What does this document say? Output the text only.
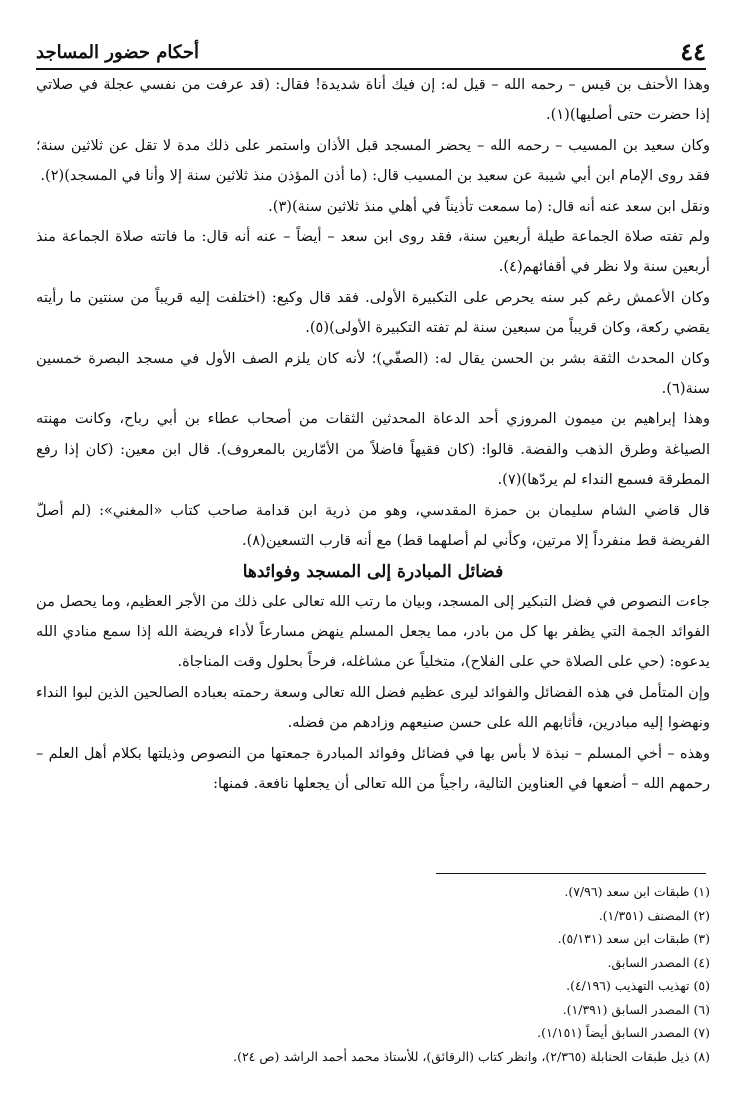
٤٤
أحكام حضور المساجد

وهذا الأحنف بن قيس – رحمه الله – قيل له: إن فيك أناة شديدة! فقال: (قد عرفت من نفسي عجلة في صلاتي إذا حضرت حتى أصليها)(١).

وكان سعيد بن المسيب – رحمه الله – يحضر المسجد قبل الأذان واستمر على ذلك مدة لا تقل عن ثلاثين سنة؛ فقد روى الإمام ابن أبي شيبة عن سعيد بن المسيب قال: (ما أذن المؤذن منذ ثلاثين سنة إلا وأنا في المسجد)(٢).

ونقل ابن سعد عنه أنه قال: (ما سمعت تأذيناً في أهلي منذ ثلاثين سنة)(٣).

ولم تفته صلاة الجماعة طيلة أربعين سنة، فقد روى ابن سعد – أيضاً – عنه أنه قال: ما فاتته صلاة الجماعة منذ أربعين سنة ولا نظر في أقفائهم(٤).

وكان الأعمش رغم كبر سنه يحرص على التكبيرة الأولى. فقد قال وكيع: (اختلفت إليه قريباً من سنتين ما رأيته يقضي ركعة، وكان قريباً من سبعين سنة لم تفته التكبيرة الأولى)(٥).

وكان المحدث الثقة بشر بن الحسن يقال له: (الصفّي)؛ لأنه كان يلزم الصف الأول في مسجد البصرة خمسين سنة(٦).

وهذا إبراهيم بن ميمون المروزي أحد الدعاة المحدثين الثقات من أصحاب عطاء بن أبي رباح، وكانت مهنته الصياغة وطرق الذهب والفضة. قالوا: (كان فقيهاً فاضلاً من الأمّارين بالمعروف). قال ابن معين: (كان إذا رفع المطرقة فسمع النداء لم يردّها)(٧).

قال قاضي الشام سليمان بن حمزة المقدسي، وهو من ذرية ابن قدامة صاحب كتاب «المغني»: (لم أصلّ الفريضة قط منفرداً إلا مرتين، وكأني لم أصلهما قط) مع أنه قارب التسعين(٨).

فضائل المبادرة إلى المسجد وفوائدها

جاءت النصوص في فضل التبكير إلى المسجد، وبيان ما رتب الله تعالى على ذلك من الأجر العظيم، وما يحصل من الفوائد الجمة التي يظفر بها كل من بادر، مما يجعل المسلم ينهض مسارعاً لأداء فريضة الله إذا سمع منادي الله يدعوه: (حي على الصلاة حي على الفلاح)، متخلياً عن مشاغله، فرحاً بحلول وقت المناجاة.

وإن المتأمل في هذه الفضائل والفوائد ليرى عظيم فضل الله تعالى وسعة رحمته بعباده الصالحين الذين لبوا النداء ونهضوا إليه مبادرين، فأثابهم الله على حسن صنيعهم وزادهم من فضله.

وهذه – أخي المسلم – نبذة لا بأس بها في فضائل وفوائد المبادرة جمعتها من النصوص وذيلتها بكلام أهل العلم – رحمهم الله – أضعها في العناوين التالية، راجياً من الله تعالى أن يجعلها نافعة. فمنها:

(١) طبقات ابن سعد (٧/٩٦).
(٢) المصنف (١/٣٥١).
(٣) طبقات ابن سعد (٥/١٣١).
(٤) المصدر السابق.
(٥) تهذيب التهذيب (٤/١٩٦).
(٦) المصدر السابق (١/٣٩١).
(٧) المصدر السابق أيضاً (١/١٥١).
(٨) ذيل طبقات الحنابلة (٢/٣٦٥)، وانظر كتاب (الرقائق)، للأستاذ محمد أحمد الراشد (ص ٢٤).
